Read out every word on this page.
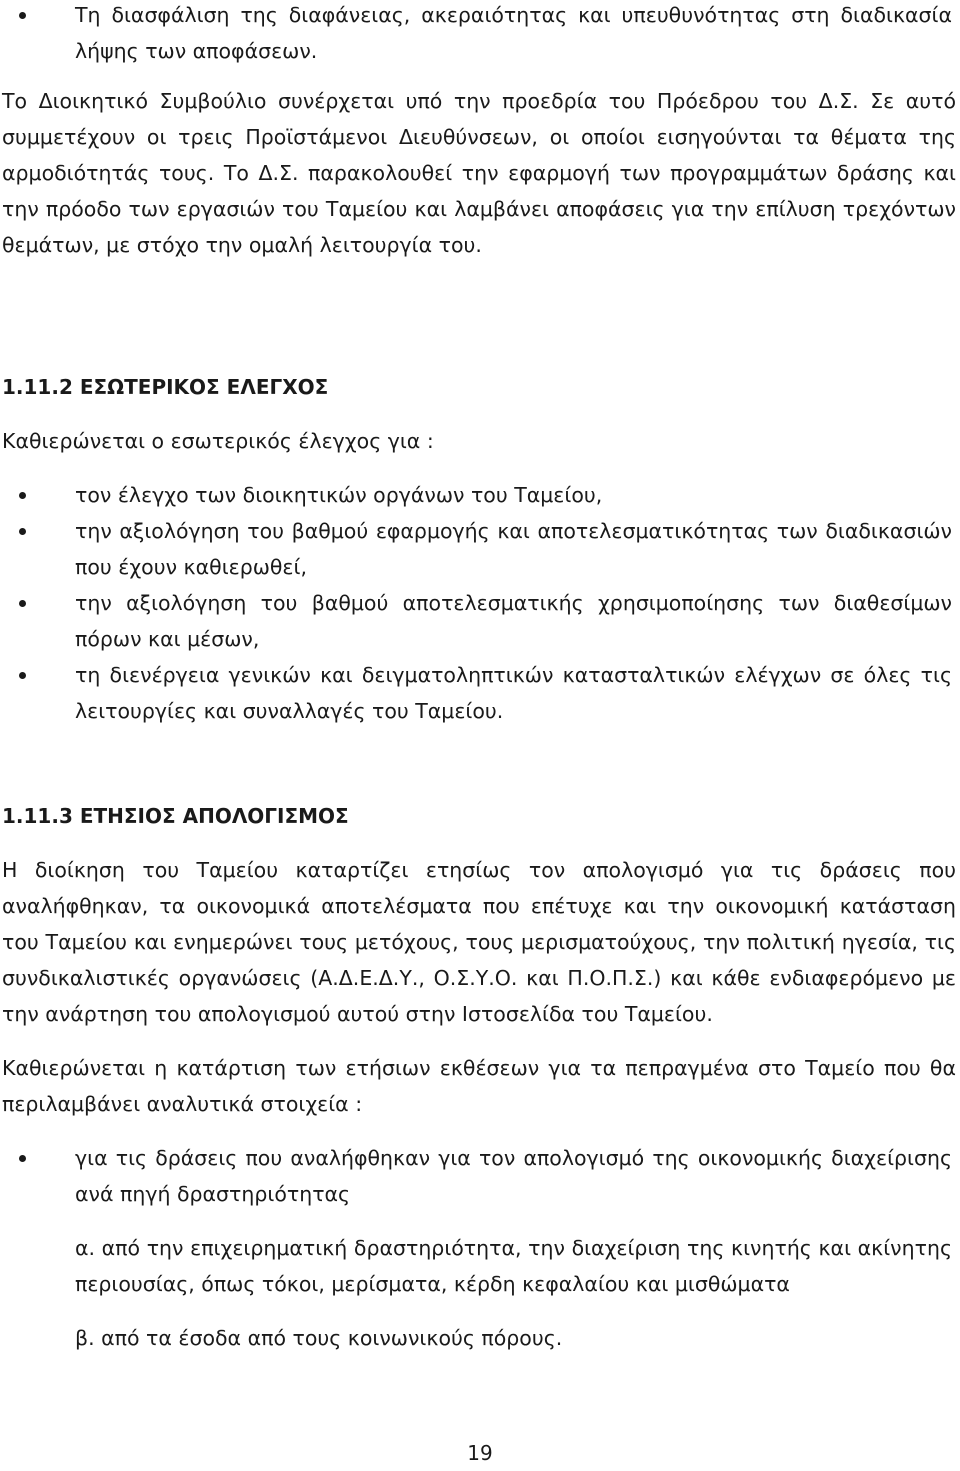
Τη διασφάλιση της διαφάνειας, ακεραιότητας και υπευθυνότητας στη διαδικασία λήψης των αποφάσεων.

Το Διοικητικό Συμβούλιο συνέρχεται υπό την προεδρία του Πρόεδρου του Δ.Σ. Σε αυτό συμμετέχουν οι τρεις Προϊστάμενοι Διευθύνσεων, οι οποίοι εισηγούνται τα θέματα της αρμοδιότητάς τους. Το Δ.Σ. παρακολουθεί την εφαρμογή των προγραμμάτων δράσης και την πρόοδο των εργασιών του Ταμείου και λαμβάνει αποφάσεις για την επίλυση τρεχόντων θεμάτων, με στόχο την ομαλή λειτουργία του.

1.11.2 ΕΣΩΤΕΡΙΚΟΣ ΕΛΕΓΧΟΣ

Καθιερώνεται ο εσωτερικός έλεγχος για :

τον έλεγχο των διοικητικών οργάνων του Ταμείου,
την αξιολόγηση του βαθμού εφαρμογής και αποτελεσματικότητας των διαδικασιών που έχουν καθιερωθεί,
την αξιολόγηση του βαθμού αποτελεσματικής χρησιμοποίησης των διαθεσίμων πόρων και μέσων,
τη διενέργεια γενικών και δειγματοληπτικών κατασταλτικών ελέγχων σε όλες τις λειτουργίες και συναλλαγές του Ταμείου.
1.11.3 ΕΤΗΣΙΟΣ ΑΠΟΛΟΓΙΣΜΟΣ

Η διοίκηση του Ταμείου καταρτίζει ετησίως τον απολογισμό για τις δράσεις που αναλήφθηκαν, τα οικονομικά αποτελέσματα που επέτυχε και την οικονομική κατάσταση του Ταμείου και ενημερώνει τους μετόχους, τους μερισματούχους, την πολιτική ηγεσία, τις συνδικαλιστικές οργανώσεις (Α.Δ.Ε.Δ.Υ., Ο.Σ.Υ.Ο. και Π.Ο.Π.Σ.) και κάθε ενδιαφερόμενο με την ανάρτηση του απολογισμού αυτού στην Ιστοσελίδα του Ταμείου.

Καθιερώνεται η κατάρτιση των ετήσιων εκθέσεων για τα πεπραγμένα στο Ταμείο που θα περιλαμβάνει αναλυτικά στοιχεία :

για τις δράσεις που αναλήφθηκαν για τον απολογισμό της οικονομικής διαχείρισης ανά πηγή δραστηριότητας

α. από την επιχειρηματική δραστηριότητα, την διαχείριση της κινητής και ακίνητης περιουσίας, όπως τόκοι, μερίσματα, κέρδη κεφαλαίου και μισθώματα

β. από τα έσοδα από τους κοινωνικούς πόρους.

19
